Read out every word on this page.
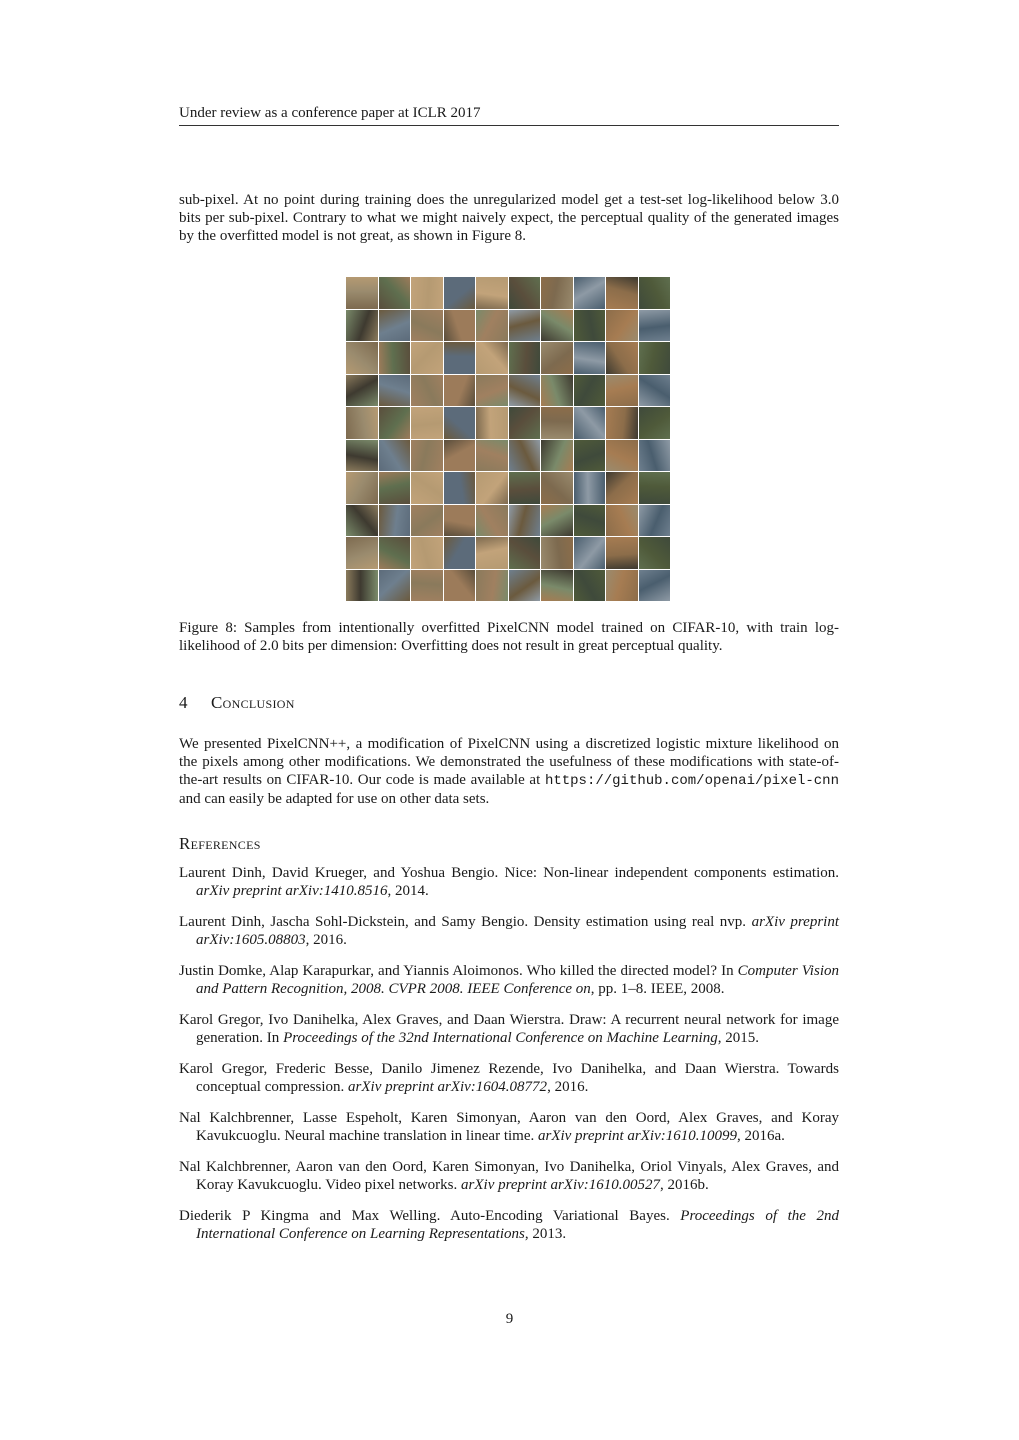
Under review as a conference paper at ICLR 2017

sub-pixel. At no point during training does the unregularized model get a test-set log-likelihood below 3.0 bits per sub-pixel. Contrary to what we might naively expect, the perceptual quality of the generated images by the overfitted model is not great, as shown in Figure 8.

Figure 8: Samples from intentionally overfitted PixelCNN model trained on CIFAR-10, with train log-likelihood of 2.0 bits per dimension: Overfitting does not result in great perceptual quality.

4 Conclusion

We presented PixelCNN++, a modification of PixelCNN using a discretized logistic mixture likelihood on the pixels among other modifications. We demonstrated the usefulness of these modifications with state-of-the-art results on CIFAR-10. Our code is made available at https://github.com/openai/pixel-cnn and can easily be adapted for use on other data sets.

References
Laurent Dinh, David Krueger, and Yoshua Bengio. Nice: Non-linear independent components estimation. arXiv preprint arXiv:1410.8516, 2014.
Laurent Dinh, Jascha Sohl-Dickstein, and Samy Bengio. Density estimation using real nvp. arXiv preprint arXiv:1605.08803, 2016.
Justin Domke, Alap Karapurkar, and Yiannis Aloimonos. Who killed the directed model? In Computer Vision and Pattern Recognition, 2008. CVPR 2008. IEEE Conference on, pp. 1–8. IEEE, 2008.
Karol Gregor, Ivo Danihelka, Alex Graves, and Daan Wierstra. Draw: A recurrent neural network for image generation. In Proceedings of the 32nd International Conference on Machine Learning, 2015.
Karol Gregor, Frederic Besse, Danilo Jimenez Rezende, Ivo Danihelka, and Daan Wierstra. Towards conceptual compression. arXiv preprint arXiv:1604.08772, 2016.
Nal Kalchbrenner, Lasse Espeholt, Karen Simonyan, Aaron van den Oord, Alex Graves, and Koray Kavukcuoglu. Neural machine translation in linear time. arXiv preprint arXiv:1610.10099, 2016a.
Nal Kalchbrenner, Aaron van den Oord, Karen Simonyan, Ivo Danihelka, Oriol Vinyals, Alex Graves, and Koray Kavukcuoglu. Video pixel networks. arXiv preprint arXiv:1610.00527, 2016b.
Diederik P Kingma and Max Welling. Auto-Encoding Variational Bayes. Proceedings of the 2nd International Conference on Learning Representations, 2013.
9
